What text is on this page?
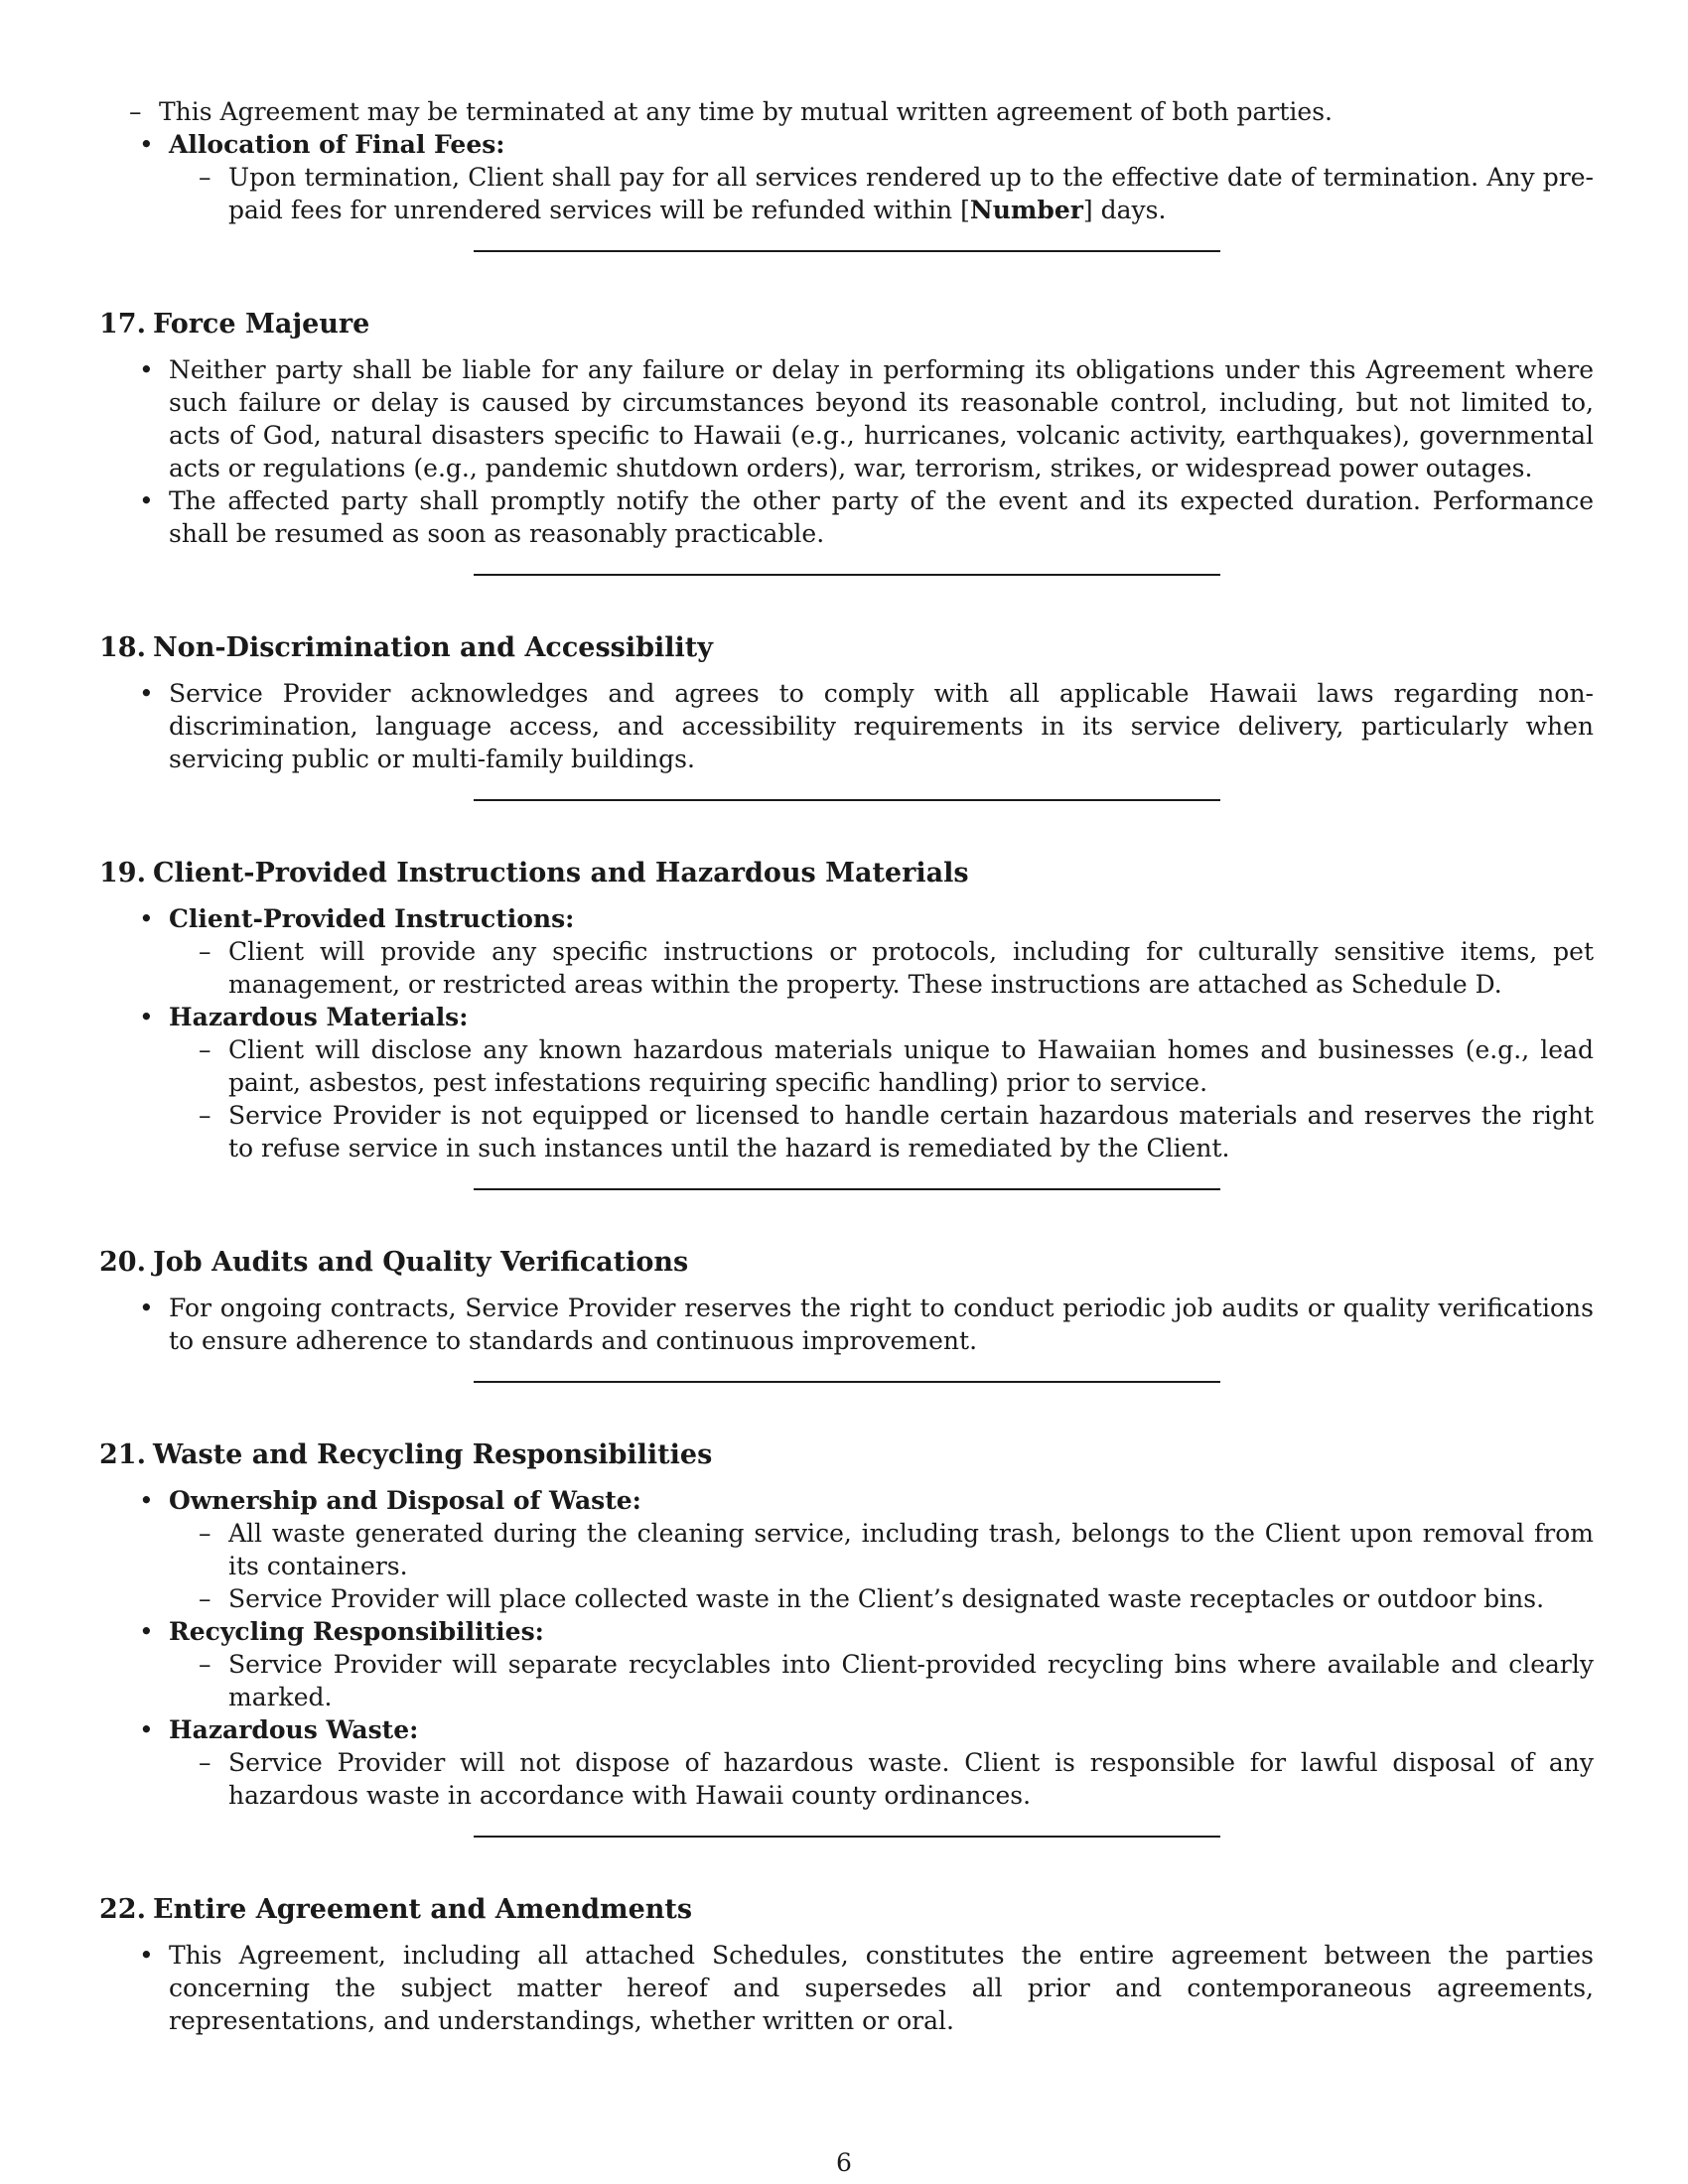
– This Agreement may be terminated at any time by mutual written agreement of both parties.
• Allocation of Final Fees:
– Upon termination, Client shall pay for all services rendered up to the effective date of termination. Any pre-paid fees for unrendered services will be refunded within [Number] days.
17. Force Majeure
• Neither party shall be liable for any failure or delay in performing its obligations under this Agreement where such failure or delay is caused by circumstances beyond its reasonable control, including, but not limited to, acts of God, natural disasters specific to Hawaii (e.g., hurricanes, volcanic activity, earthquakes), governmental acts or regulations (e.g., pandemic shutdown orders), war, terrorism, strikes, or widespread power outages.
• The affected party shall promptly notify the other party of the event and its expected duration. Performance shall be resumed as soon as reasonably practicable.
18. Non-Discrimination and Accessibility
• Service Provider acknowledges and agrees to comply with all applicable Hawaii laws regarding non-discrimination, language access, and accessibility requirements in its service delivery, particularly when servicing public or multi-family buildings.
19. Client-Provided Instructions and Hazardous Materials
• Client-Provided Instructions:
– Client will provide any specific instructions or protocols, including for culturally sensitive items, pet management, or restricted areas within the property. These instructions are attached as Schedule D.
• Hazardous Materials:
– Client will disclose any known hazardous materials unique to Hawaiian homes and businesses (e.g., lead paint, asbestos, pest infestations requiring specific handling) prior to service.
– Service Provider is not equipped or licensed to handle certain hazardous materials and reserves the right to refuse service in such instances until the hazard is remediated by the Client.
20. Job Audits and Quality Verifications
• For ongoing contracts, Service Provider reserves the right to conduct periodic job audits or quality verifications to ensure adherence to standards and continuous improvement.
21. Waste and Recycling Responsibilities
• Ownership and Disposal of Waste:
– All waste generated during the cleaning service, including trash, belongs to the Client upon removal from its containers.
– Service Provider will place collected waste in the Client’s designated waste receptacles or outdoor bins.
• Recycling Responsibilities:
– Service Provider will separate recyclables into Client-provided recycling bins where available and clearly marked.
• Hazardous Waste:
– Service Provider will not dispose of hazardous waste. Client is responsible for lawful disposal of any hazardous waste in accordance with Hawaii county ordinances.
22. Entire Agreement and Amendments
• This Agreement, including all attached Schedules, constitutes the entire agreement between the parties concerning the subject matter hereof and supersedes all prior and contemporaneous agreements, representations, and understandings, whether written or oral.
6
